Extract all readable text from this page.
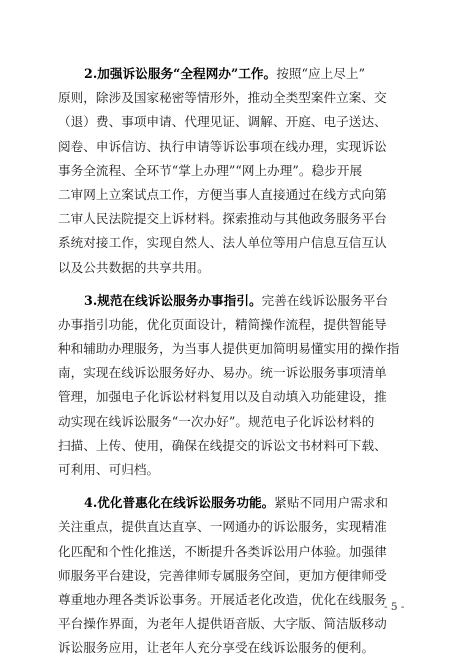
2.加强诉讼服务“全程网办”工作。按照“应上尽上”
原则，除涉及国家秘密等情形外，推动全类型案件立案、交
（退）费、事项申请、代理见证、调解、开庭、电子送达、
阅卷、申诉信访、执行申请等诉讼事项在线办理，实现诉讼
事务全流程、全环节“掌上办理”“网上办理”。稳步开展
二审网上立案试点工作，方便当事人直接通过在线方式向第
二审人民法院提交上诉材料。探索推动与其他政务服务平台
系统对接工作，实现自然人、法人单位等用户信息互信互认
以及公共数据的共享共用。
3.规范在线诉讼服务办事指引。完善在线诉讼服务平台
办事指引功能，优化页面设计，精简操作流程，提供智能导
种和辅助办理服务，为当事人提供更加简明易懂实用的操作指
南，实现在线诉讼服务好办、易办。统一诉讼服务事项清单
管理，加强电子化诉讼材料复用以及自动填入功能建设，推
动实现在线诉讼服务“一次办好”。规范电子化诉讼材料的
扫描、上传、使用，确保在线提交的诉讼文书材料可下载、
可利用、可归档。
4.优化普惠化在线诉讼服务功能。紧贴不同用户需求和
关注重点，提供直达直享、一网通办的诉讼服务，实现精准
化匹配和个性化推送，不断提升各类诉讼用户体验。加强律
师服务平台建设，完善律师专属服务空间，更加方便律师受
尊重地办理各类诉讼事务。开展适老化改造，优化在线服务
平台操作界面，为老年人提供语音版、大字版、简洁版移动
诉讼服务应用，让老年人充分享受在线诉讼服务的便利。
- 5 -
